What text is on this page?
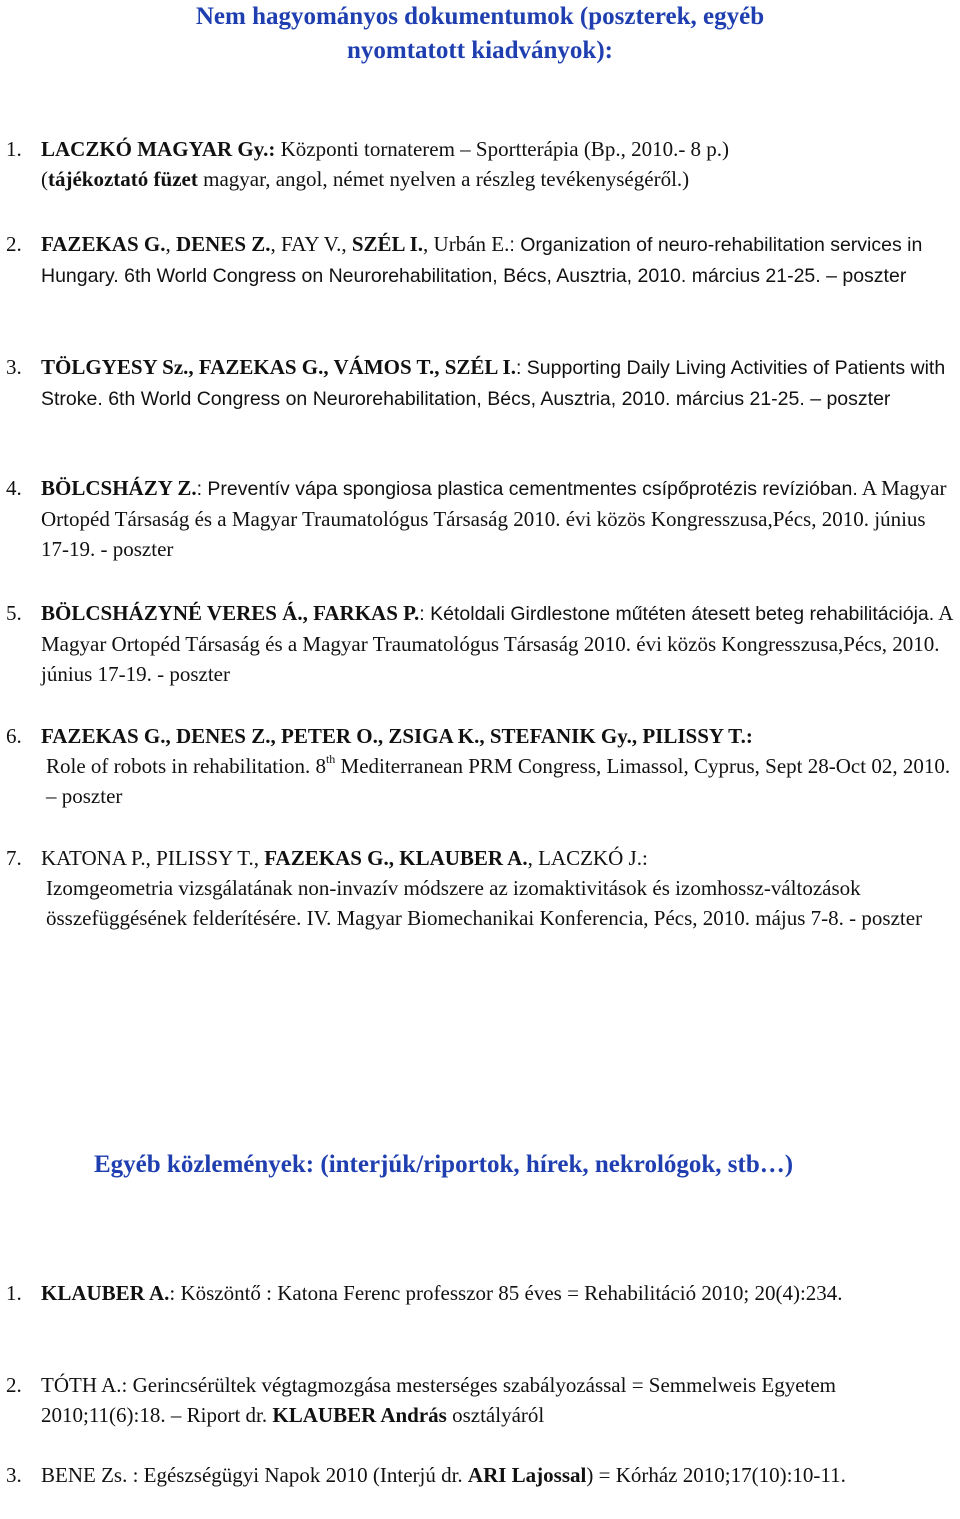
Nem hagyományos dokumentumok (poszterek, egyéb
nyomtatott kiadványok):
1. LACZKÓ MAGYAR Gy.: Központi tornaterem – Sportterápia (Bp., 2010.- 8 p.)
(tájékoztató füzet magyar, angol, német nyelven a részleg tevékenységéről.)
2. FAZEKAS G., DENES Z., FAY V., SZÉL I., Urbán E.: Organization of neuro-rehabilitation services in Hungary. 6th World Congress on Neurorehabilitation, Bécs, Ausztria, 2010. március 21-25. – poszter
3. TÖLGYESY Sz., FAZEKAS G., VÁMOS T., SZÉL I.: Supporting Daily Living Activities of Patients with Stroke. 6th World Congress on Neurorehabilitation, Bécs, Ausztria, 2010. március 21-25. – poszter
4. BÖLCSHÁZY Z.: Preventív vápa spongiosa plastica cementmentes csípőprotézis revízióban. A Magyar Ortopéd Társaság és a Magyar Traumatológus Társaság 2010. évi közös Kongresszusa,Pécs, 2010. június 17-19. - poszter
5. BÖLCSHÁZYNÉ VERES Á., FARKAS P.: Kétoldali Girdlestone műtéten átesett beteg rehabilitációja. A Magyar Ortopéd Társaság és a Magyar Traumatológus Társaság 2010. évi közös Kongresszusa,Pécs, 2010. június 17-19. - poszter
6. FAZEKAS G., DENES Z., PETER O., ZSIGA K., STEFANIK Gy., PILISSY T.:
Role of robots in rehabilitation. 8th Mediterranean PRM Congress, Limassol, Cyprus, Sept 28-Oct 02, 2010. – poszter
7. KATONA P., PILISSY T., FAZEKAS G., KLAUBER A., LACZKÓ J.:
Izomgeometria vizsgálatának non-invazív módszere az izomaktivitások és izomhossz-változások összefüggésének felderítésére. IV. Magyar Biomechanikai Konferencia, Pécs, 2010. május 7-8. - poszter
Egyéb közlemények: (interjúk/riportok, hírek, nekrológok, stb…)
1. KLAUBER A.: Köszöntő : Katona Ferenc professzor 85 éves = Rehabilitáció 2010; 20(4):234.
2. TÓTH A.: Gerincsérültek végtagmozgása mesterséges szabályozással = Semmelweis Egyetem 2010;11(6):18. – Riport dr. KLAUBER András osztályáról
3. BENE Zs. : Egészségügyi Napok 2010 (Interjú dr. ARI Lajossal) = Kórház 2010;17(10):10-11.
